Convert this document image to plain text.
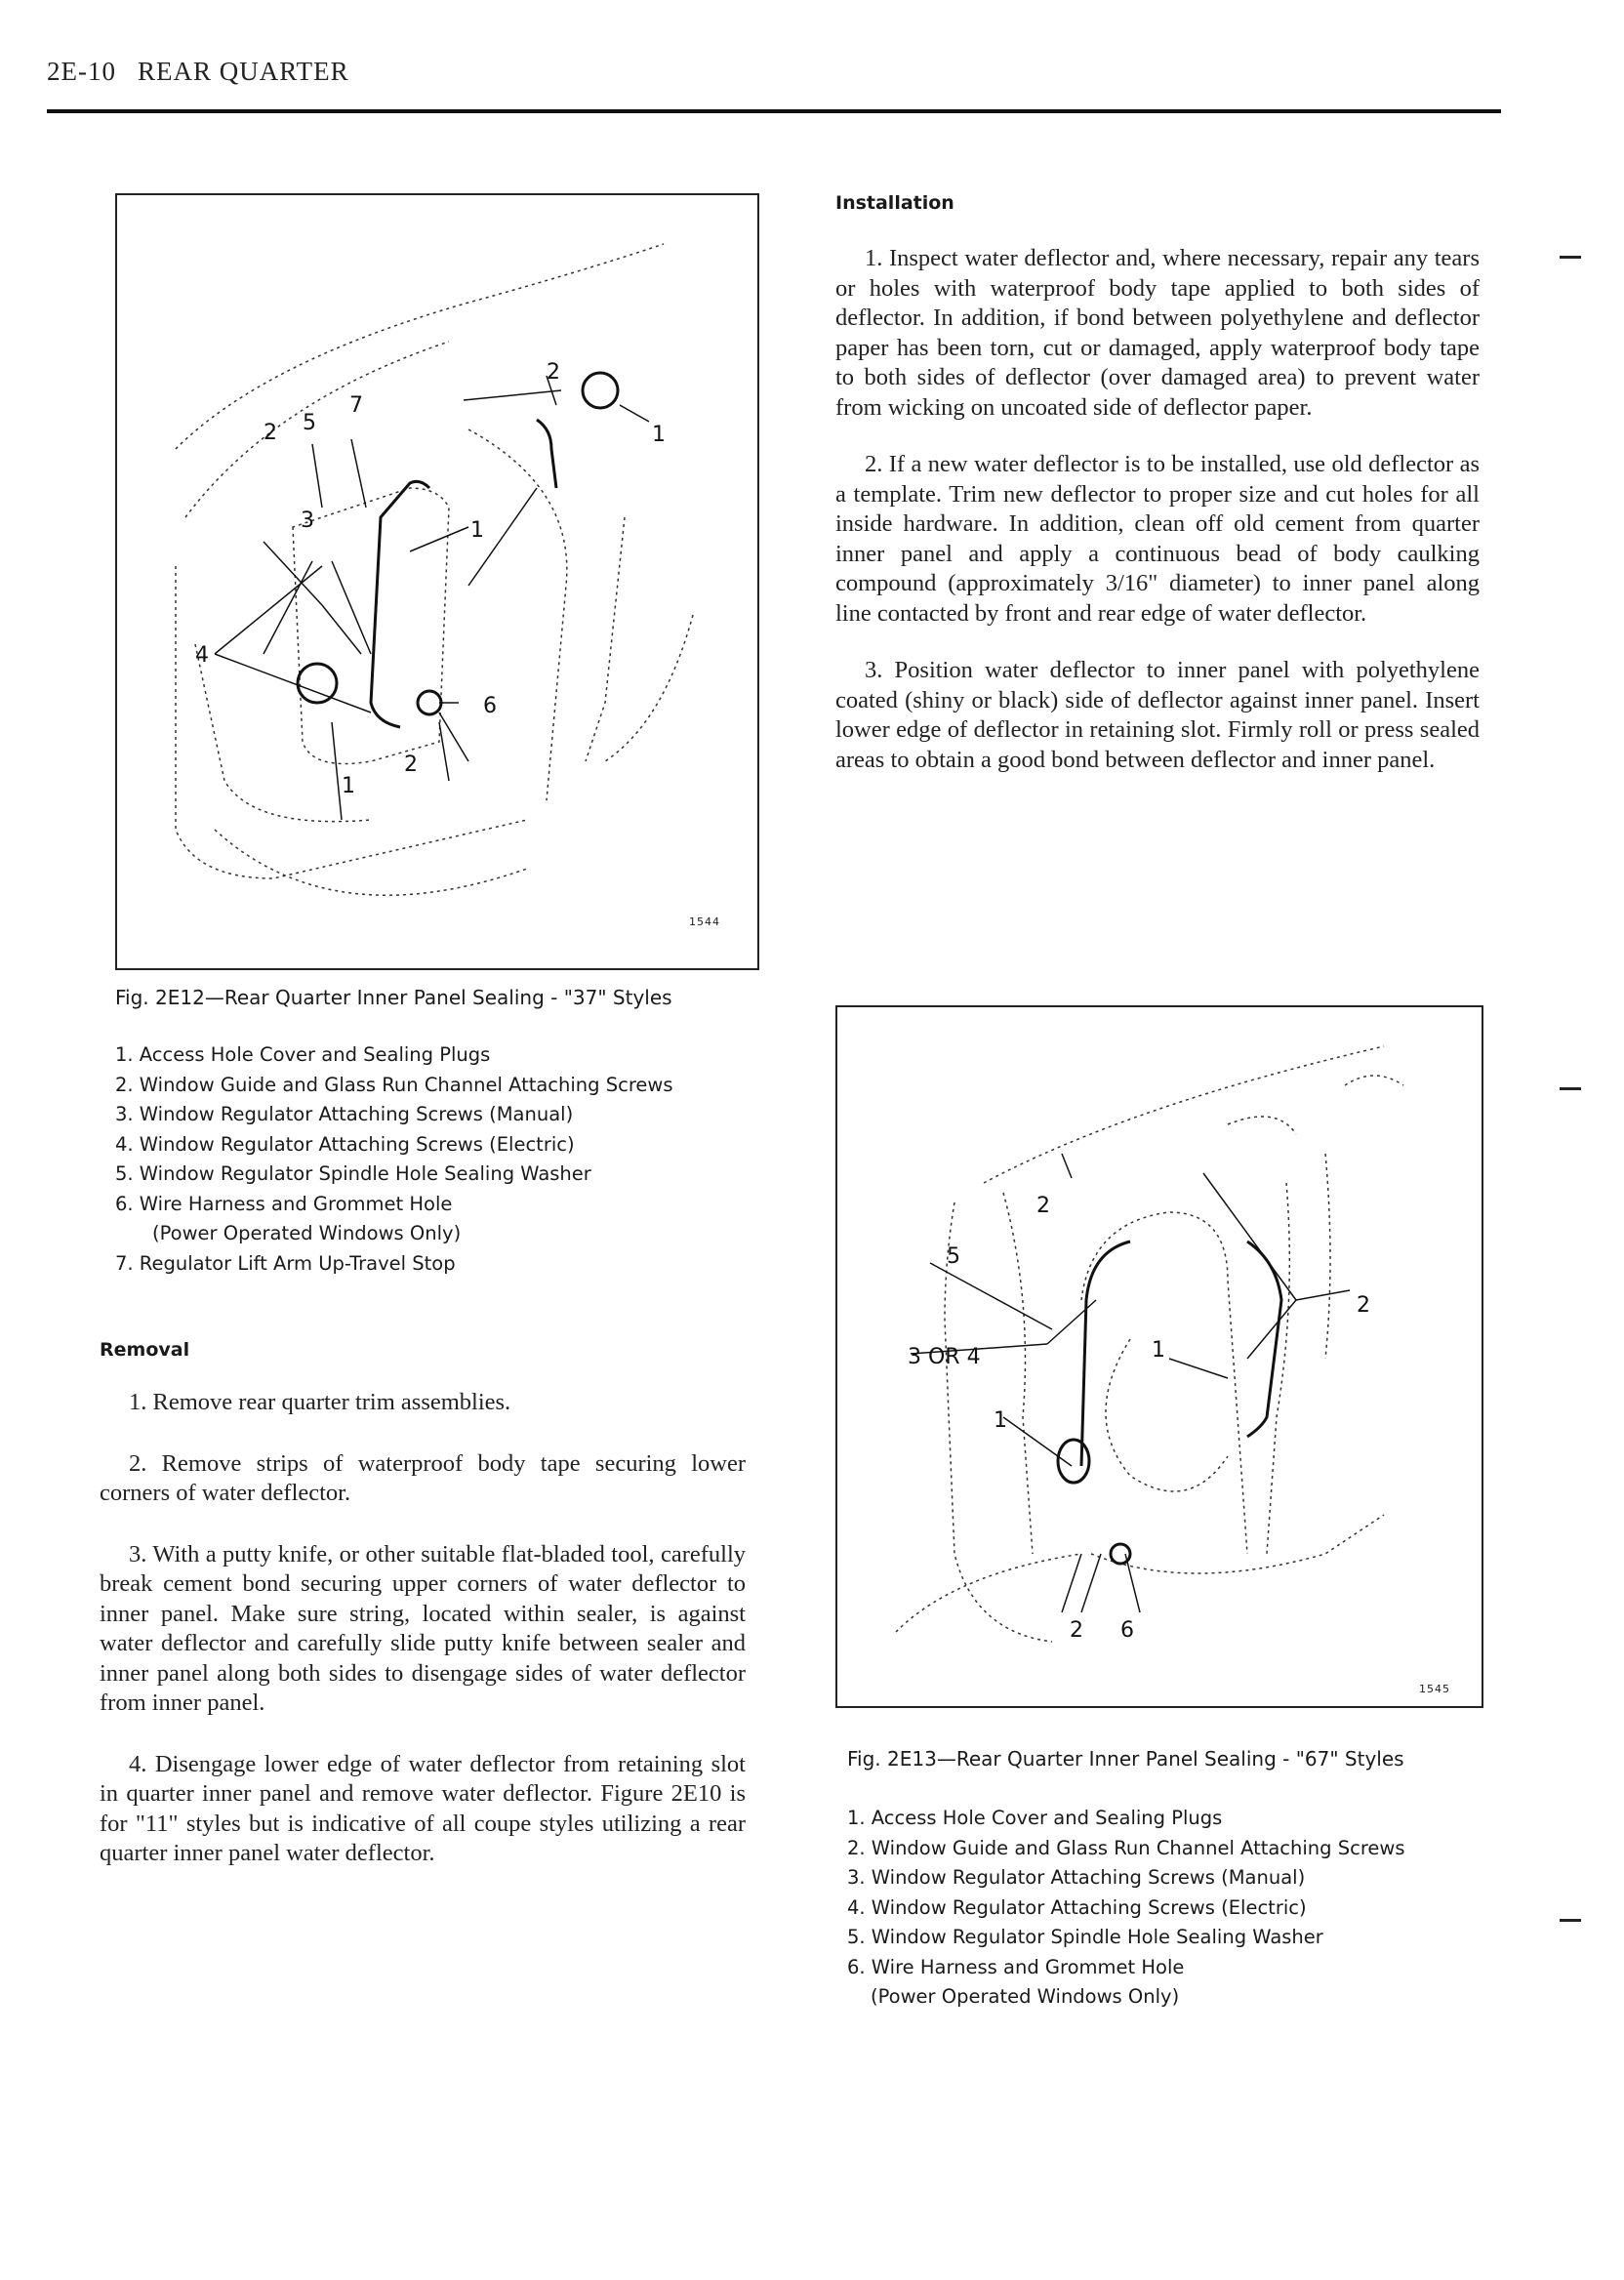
2E-10 REAR QUARTER
2 5
7
2
1
3	1
4
6
2
1
1544
Fig. 2E12—Rear Quarter Inner Panel Sealing - "37" Styles
1. Access Hole Cover and Sealing Plugs
2. Window Guide and Glass Run Channel Attaching Screws
3. Window Regulator Attaching Screws (Manual)
4. Window Regulator Attaching Screws (Electric)
5. Window Regulator Spindle Hole Sealing Washer
6. Wire Harness and Grommet Hole
(Power Operated Windows Only)
7. Regulator Lift Arm Up-Travel Stop
Removal

1. Remove rear quarter trim assemblies.

2. Remove strips of waterproof body tape securing lower corners of water deflector.

3. With a putty knife, or other suitable flat-bladed tool, carefully break cement bond securing upper corners of water deflector to inner panel. Make sure string, located within sealer, is against water deflector and carefully slide putty knife between sealer and inner panel along both sides to disengage sides of water deflector from inner panel.

4. Disengage lower edge of water deflector from retaining slot in quarter inner panel and remove water deflector. Figure 2E10 is for "11" styles but is indicative of all coupe styles utilizing a rear quarter inner panel water deflector.

Installation

1. Inspect water deflector and, where necessary, repair any tears or holes with waterproof body tape applied to both sides of deflector. In addition, if bond between polyethylene and deflector paper has been torn, cut or damaged, apply waterproof body tape to both sides of deflector (over damaged area) to prevent water from wicking on uncoated side of deflector paper.

2. If a new water deflector is to be installed, use old deflector as a template. Trim new deflector to proper size and cut holes for all inside hardware. In addition, clean off old cement from quarter inner panel and apply a continuous bead of body caulking compound (approximately 3/16" diameter) to inner panel along line contacted by front and rear edge of water deflector.

3. Position water deflector to inner panel with polyethylene coated (shiny or black) side of deflector against inner panel. Insert lower edge of deflector in retaining slot. Firmly roll or press sealed areas to obtain a good bond between deflector and inner panel.

2
5
2
3 OR 4	1
1
2 6
1545
Fig. 2E13—Rear Quarter Inner Panel Sealing - "67" Styles
1. Access Hole Cover and Sealing Plugs
2. Window Guide and Glass Run Channel Attaching Screws
3. Window Regulator Attaching Screws (Manual)
4. Window Regulator Attaching Screws (Electric)
5. Window Regulator Spindle Hole Sealing Washer
6. Wire Harness and Grommet Hole
(Power Operated Windows Only)
